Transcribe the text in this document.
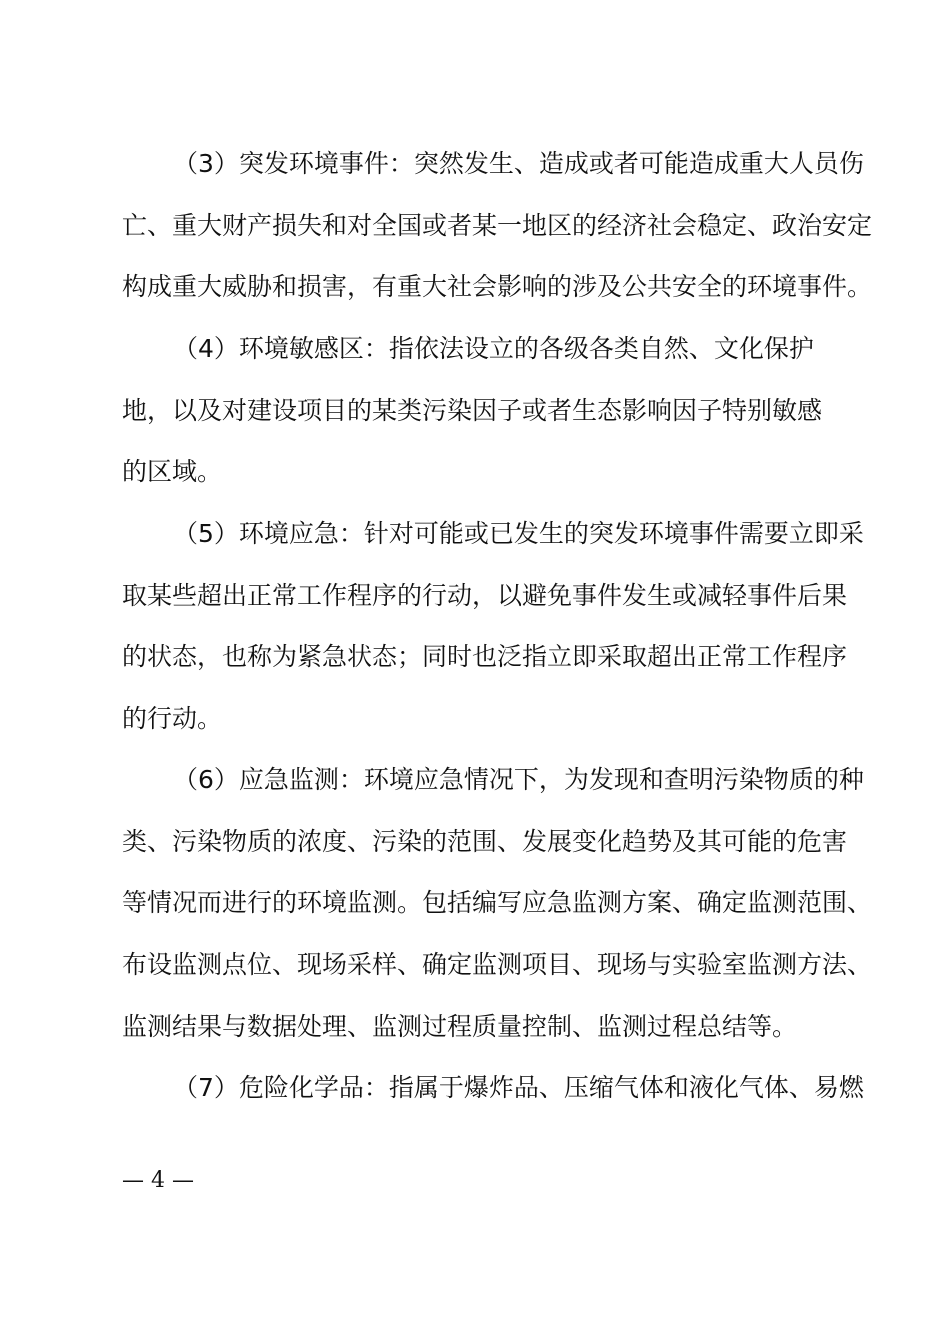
（3）突发环境事件：突然发生、造成或者可能造成重大人员伤
亡、重大财产损失和对全国或者某一地区的经济社会稳定、政治安定
构成重大威胁和损害，有重大社会影响的涉及公共安全的环境事件。
（4）环境敏感区：指依法设立的各级各类自然、文化保护
地，以及对建设项目的某类污染因子或者生态影响因子特别敏感
的区域。
（5）环境应急：针对可能或已发生的突发环境事件需要立即采
取某些超出正常工作程序的行动，以避免事件发生或减轻事件后果
的状态，也称为紧急状态；同时也泛指立即采取超出正常工作程序
的行动。
（6）应急监测：环境应急情况下，为发现和查明污染物质的种
类、污染物质的浓度、污染的范围、发展变化趋势及其可能的危害
等情况而进行的环境监测。包括编写应急监测方案、确定监测范围、
布设监测点位、现场采样、确定监测项目、现场与实验室监测方法、
监测结果与数据处理、监测过程质量控制、监测过程总结等。
（7）危险化学品：指属于爆炸品、压缩气体和液化气体、易燃
— 4 —
